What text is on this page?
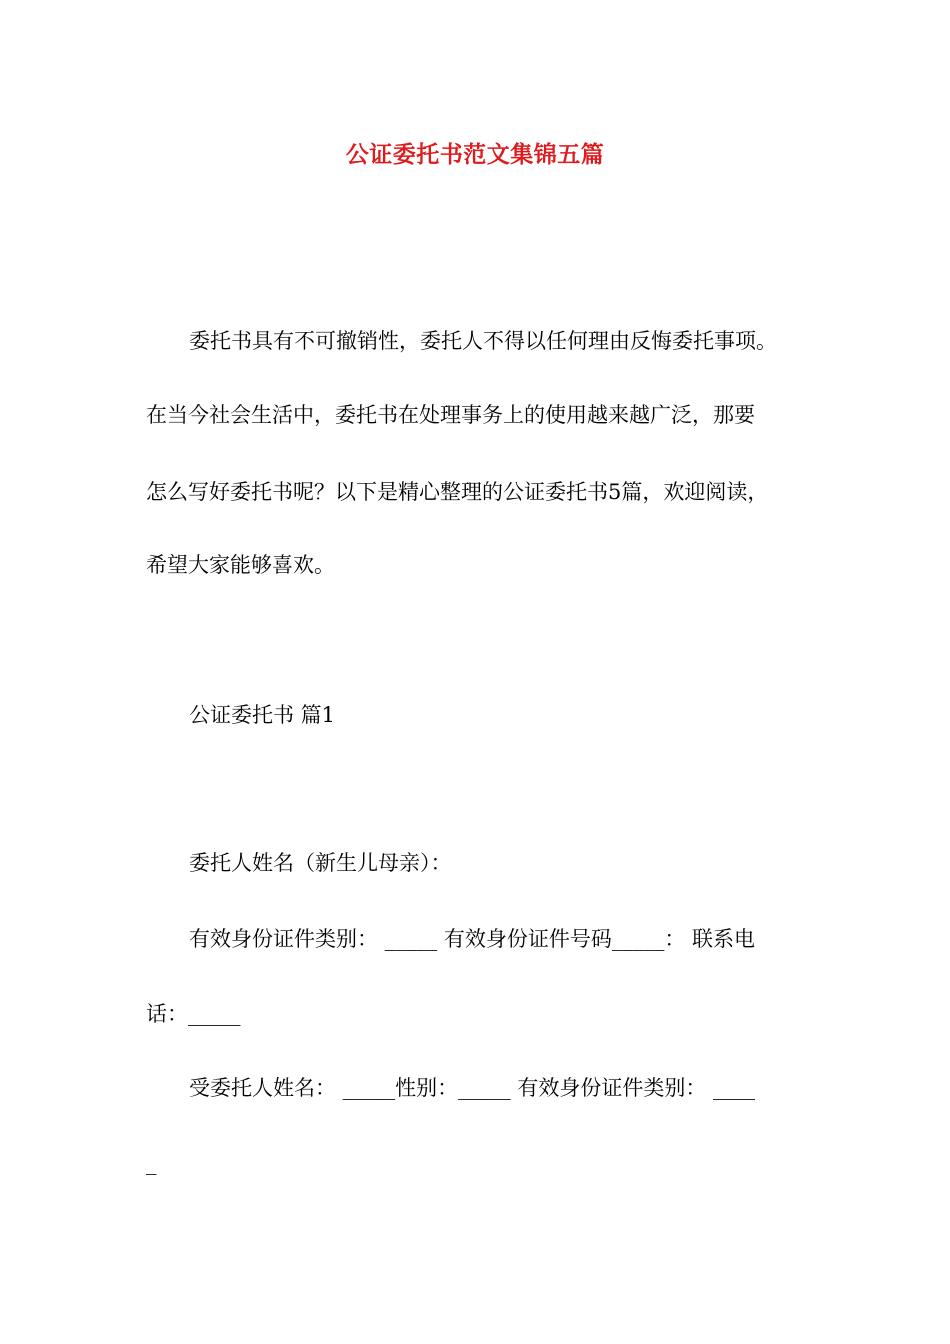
公证委托书范文集锦五篇
委托书具有不可撤销性，委托人不得以任何理由反悔委托事项。
在当今社会生活中，委托书在处理事务上的使用越来越广泛，那要
怎么写好委托书呢？以下是精心整理的公证委托书5篇，欢迎阅读，
希望大家能够喜欢。
公证委托书 篇1
委托人姓名（新生儿母亲）：
有效身份证件类别： _____ 有效身份证件号码_____： 联系电
话：_____
受委托人姓名： _____性别：_____ 有效身份证件类别： ____
_
